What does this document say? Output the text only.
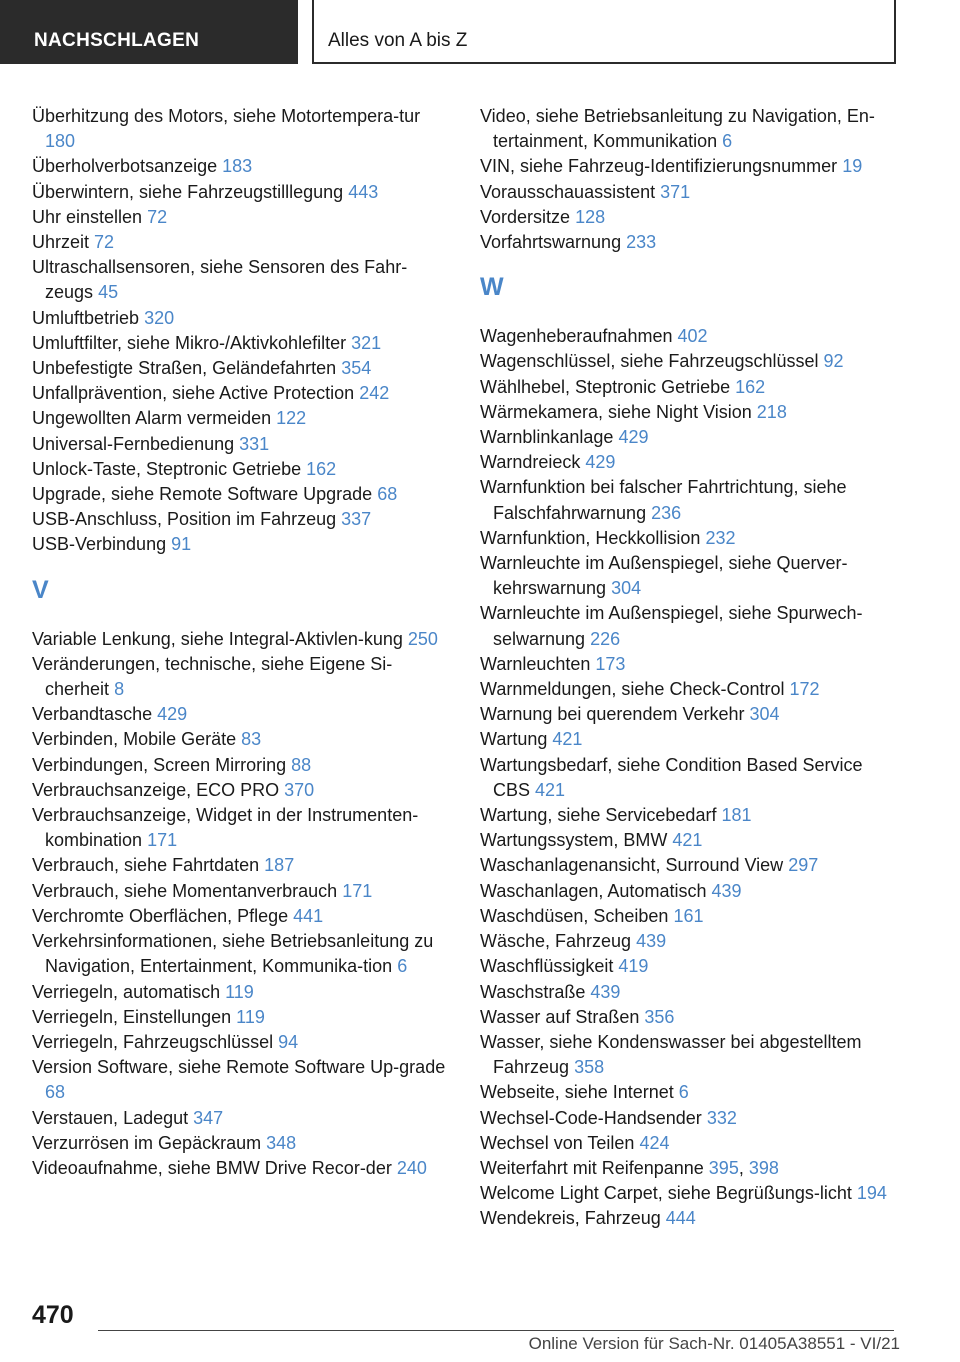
NACHSCHLAGEN	Alles von A bis Z
Überhitzung des Motors, siehe Motortempera-tur 180
Überholverbotsanzeige 183
Überwintern, siehe Fahrzeugstilllegung 443
Uhr einstellen 72
Uhrzeit 72
Ultraschallsensoren, siehe Sensoren des Fahr-zeugs 45
Umluftbetrieb 320
Umluftfilter, siehe Mikro-/Aktivkohlefilter 321
Unbefestigte Straßen, Geländefahrten 354
Unfallprävention, siehe Active Protection 242
Ungewollten Alarm vermeiden 122
Universal-Fernbedienung 331
Unlock-Taste, Steptronic Getriebe 162
Upgrade, siehe Remote Software Upgrade 68
USB-Anschluss, Position im Fahrzeug 337
USB-Verbindung 91
V
Variable Lenkung, siehe Integral-Aktivlen-kung 250
Veränderungen, technische, siehe Eigene Si-cherheit 8
Verbandtasche 429
Verbinden, Mobile Geräte 83
Verbindungen, Screen Mirroring 88
Verbrauchsanzeige, ECO PRO 370
Verbrauchsanzeige, Widget in der Instrumenten-kombination 171
Verbrauch, siehe Fahrtdaten 187
Verbrauch, siehe Momentanverbrauch 171
Verchromte Oberflächen, Pflege 441
Verkehrsinformationen, siehe Betriebsanleitung zu Navigation, Entertainment, Kommunika-tion 6
Verriegeln, automatisch 119
Verriegeln, Einstellungen 119
Verriegeln, Fahrzeugschlüssel 94
Version Software, siehe Remote Software Up-grade 68
Verstauen, Ladegut 347
Verzurrösen im Gepäckraum 348
Videoaufnahme, siehe BMW Drive Recor-der 240
Video, siehe Betriebsanleitung zu Navigation, En-tertainment, Kommunikation 6
VIN, siehe Fahrzeug-Identifizierungsnummer 19
Vorausschauassistent 371
Vordersitze 128
Vorfahrtswarnung 233
W
Wagenheberaufnahmen 402
Wagenschlüssel, siehe Fahrzeugschlüssel 92
Wählhebel, Steptronic Getriebe 162
Wärmekamera, siehe Night Vision 218
Warnblinkanlage 429
Warndreieck 429
Warnfunktion bei falscher Fahrtrichtung, siehe Falschfahrwarnung 236
Warnfunktion, Heckkollision 232
Warnleuchte im Außenspiegel, siehe Querver-kehrswarnung 304
Warnleuchte im Außenspiegel, siehe Spurwech-selwarnung 226
Warnleuchten 173
Warnmeldungen, siehe Check-Control 172
Warnung bei querendem Verkehr 304
Wartung 421
Wartungsbedarf, siehe Condition Based Service CBS 421
Wartung, siehe Servicebedarf 181
Wartungssystem, BMW 421
Waschanlagenansicht, Surround View 297
Waschanlagen, Automatisch 439
Waschdüsen, Scheiben 161
Wäsche, Fahrzeug 439
Waschflüssigkeit 419
Waschstraße 439
Wasser auf Straßen 356
Wasser, siehe Kondenswasser bei abgestelltem Fahrzeug 358
Webseite, siehe Internet 6
Wechsel-Code-Handsender 332
Wechsel von Teilen 424
Weiterfahrt mit Reifenpanne 395, 398
Welcome Light Carpet, siehe Begrüßungs-licht 194
Wendekreis, Fahrzeug 444
470
Online Version für Sach-Nr. 01405A38551 - VI/21
